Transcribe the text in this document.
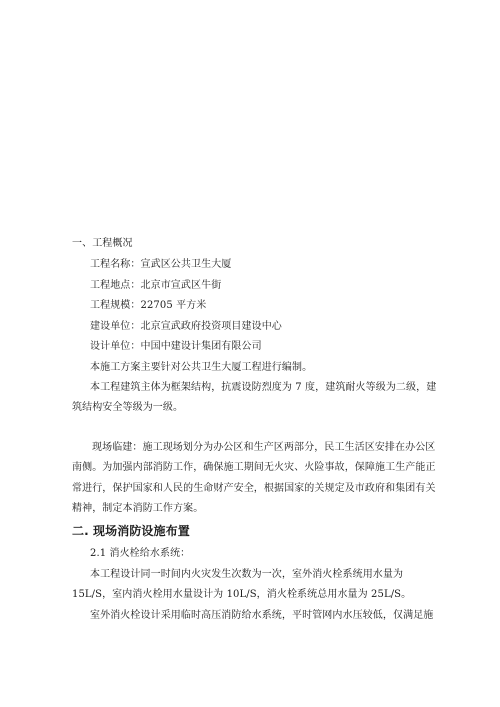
一、工程概况
工程名称：宣武区公共卫生大厦
工程地点：北京市宣武区牛街
工程规模：22705 平方米
建设单位：北京宣武政府投资项目建设中心
设计单位：中国中建设计集团有限公司
本施工方案主要针对公共卫生大厦工程进行编制。
本工程建筑主体为框架结构，抗震设防烈度为 7 度，建筑耐火等级为二级，建
筑结构安全等级为一级。
现场临建：施工现场划分为办公区和生产区两部分，民工生活区安排在办公区
南侧。为加强内部消防工作，确保施工期间无火灾、火险事故，保障施工生产能正
常进行，保护国家和人民的生命财产安全，根据国家的关规定及市政府和集团有关
精神，制定本消防工作方案。
二. 现场消防设施布置
2.1 消火栓给水系统：
本工程设计同一时间内火灾发生次数为一次，室外消火栓系统用水量为
15L/S，室内消火栓用水量设计为 10L/S，消火栓系统总用水量为 25L/S。
室外消火栓设计采用临时高压消防给水系统，平时管网内水压较低，仅满足施
